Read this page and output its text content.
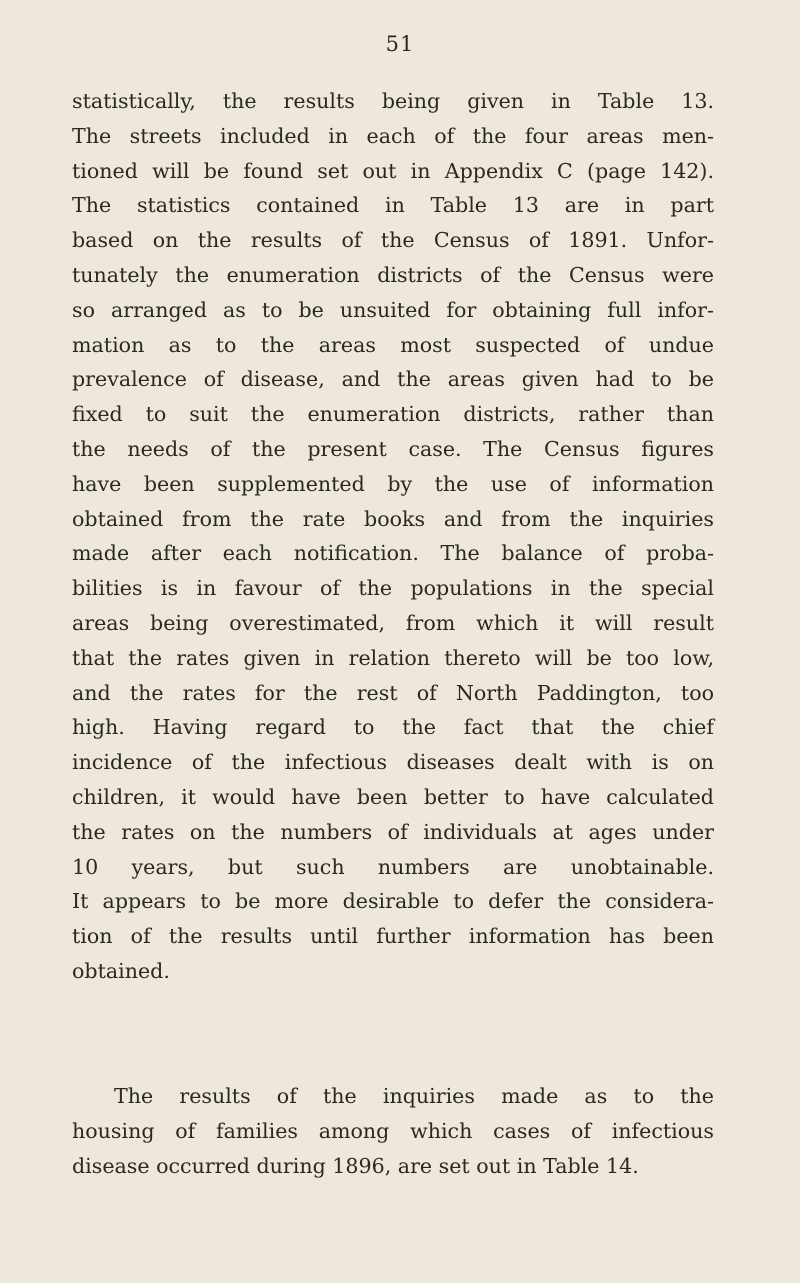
51
statistically, the results being given in Table 13.
The streets included in each of the four areas men-
tioned will be found set out in Appendix C (page 142).
The statistics contained in Table 13 are in part
based on the results of the Census of 1891. Unfor-
tunately the enumeration districts of the Census were
so arranged as to be unsuited for obtaining full infor-
mation as to the areas most suspected of undue
prevalence of disease, and the areas given had to be
fixed to suit the enumeration districts, rather than
the needs of the present case. The Census figures
have been supplemented by the use of information
obtained from the rate books and from the inquiries
made after each notification. The balance of proba-
bilities is in favour of the populations in the special
areas being overestimated, from which it will result
that the rates given in relation thereto will be too low,
and the rates for the rest of North Paddington, too
high. Having regard to the fact that the chief
incidence of the infectious diseases dealt with is on
children, it would have been better to have calculated
the rates on the numbers of individuals at ages under
10 years, but such numbers are unobtainable.
It appears to be more desirable to defer the considera-
tion of the results until further information has been
obtained.
The results of the inquiries made as to the
housing of families among which cases of infectious
disease occurred during 1896, are set out in Table 14.
